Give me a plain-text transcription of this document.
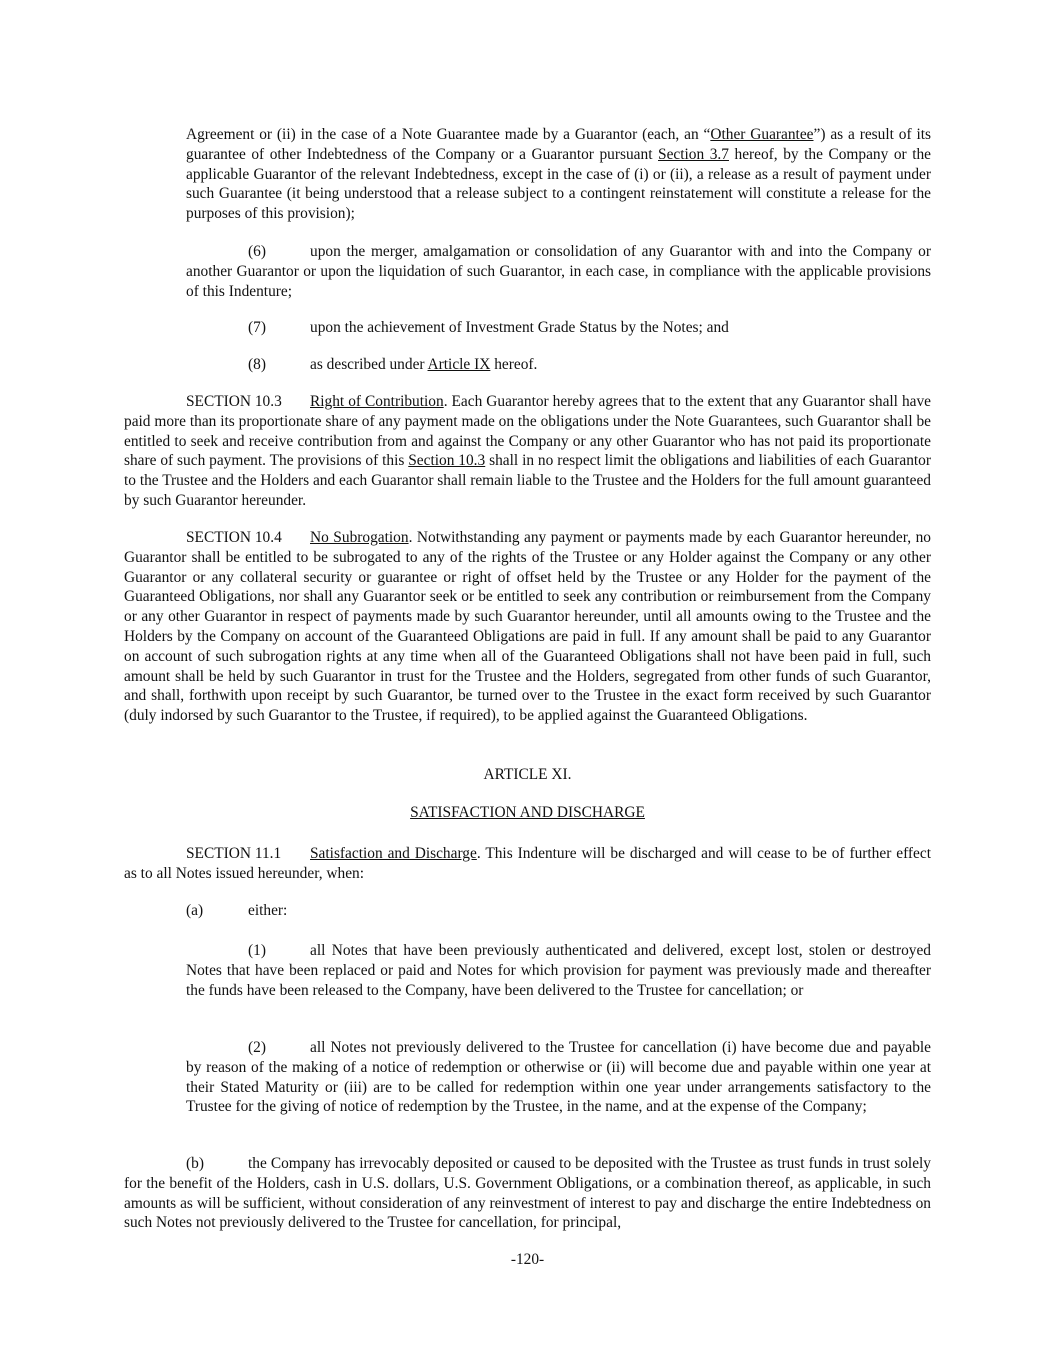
Agreement or (ii) in the case of a Note Guarantee made by a Guarantor (each, an “Other Guarantee”) as a result of its guarantee of other Indebtedness of the Company or a Guarantor pursuant Section 3.7 hereof, by the Company or the applicable Guarantor of the relevant Indebtedness, except in the case of (i) or (ii), a release as a result of payment under such Guarantee (it being understood that a release subject to a contingent reinstatement will constitute a release for the purposes of this provision);

(6)	upon the merger, amalgamation or consolidation of any Guarantor with and into the Company or another Guarantor or upon the liquidation of such Guarantor, in each case, in compliance with the applicable provisions of this Indenture;

(7)	upon the achievement of Investment Grade Status by the Notes; and

(8)	as described under Article IX hereof.

SECTION 10.3 Right of Contribution. Each Guarantor hereby agrees that to the extent that any Guarantor shall have paid more than its proportionate share of any payment made on the obligations under the Note Guarantees, such Guarantor shall be entitled to seek and receive contribution from and against the Company or any other Guarantor who has not paid its proportionate share of such payment. The provisions of this Section 10.3 shall in no respect limit the obligations and liabilities of each Guarantor to the Trustee and the Holders and each Guarantor shall remain liable to the Trustee and the Holders for the full amount guaranteed by such Guarantor hereunder.

SECTION 10.4 No Subrogation. Notwithstanding any payment or payments made by each Guarantor hereunder, no Guarantor shall be entitled to be subrogated to any of the rights of the Trustee or any Holder against the Company or any other Guarantor or any collateral security or guarantee or right of offset held by the Trustee or any Holder for the payment of the Guaranteed Obligations, nor shall any Guarantor seek or be entitled to seek any contribution or reimbursement from the Company or any other Guarantor in respect of payments made by such Guarantor hereunder, until all amounts owing to the Trustee and the Holders by the Company on account of the Guaranteed Obligations are paid in full. If any amount shall be paid to any Guarantor on account of such subrogation rights at any time when all of the Guaranteed Obligations shall not have been paid in full, such amount shall be held by such Guarantor in trust for the Trustee and the Holders, segregated from other funds of such Guarantor, and shall, forthwith upon receipt by such Guarantor, be turned over to the Trustee in the exact form received by such Guarantor (duly indorsed by such Guarantor to the Trustee, if required), to be applied against the Guaranteed Obligations.

ARTICLE XI.
SATISFACTION AND DISCHARGE

SECTION 11.1 Satisfaction and Discharge. This Indenture will be discharged and will cease to be of further effect as to all Notes issued hereunder, when:

(a)	either:

(1)	all Notes that have been previously authenticated and delivered, except lost, stolen or destroyed Notes that have been replaced or paid and Notes for which provision for payment was previously made and thereafter the funds have been released to the Company, have been delivered to the Trustee for cancellation; or

(2)	all Notes not previously delivered to the Trustee for cancellation (i) have become due and payable by reason of the making of a notice of redemption or otherwise or (ii) will become due and payable within one year at their Stated Maturity or (iii) are to be called for redemption within one year under arrangements satisfactory to the Trustee for the giving of notice of redemption by the Trustee, in the name, and at the expense of the Company;

(b)	the Company has irrevocably deposited or caused to be deposited with the Trustee as trust funds in trust solely for the benefit of the Holders, cash in U.S. dollars, U.S. Government Obligations, or a combination thereof, as applicable, in such amounts as will be sufficient, without consideration of any reinvestment of interest to pay and discharge the entire Indebtedness on such Notes not previously delivered to the Trustee for cancellation, for principal,

-120-
